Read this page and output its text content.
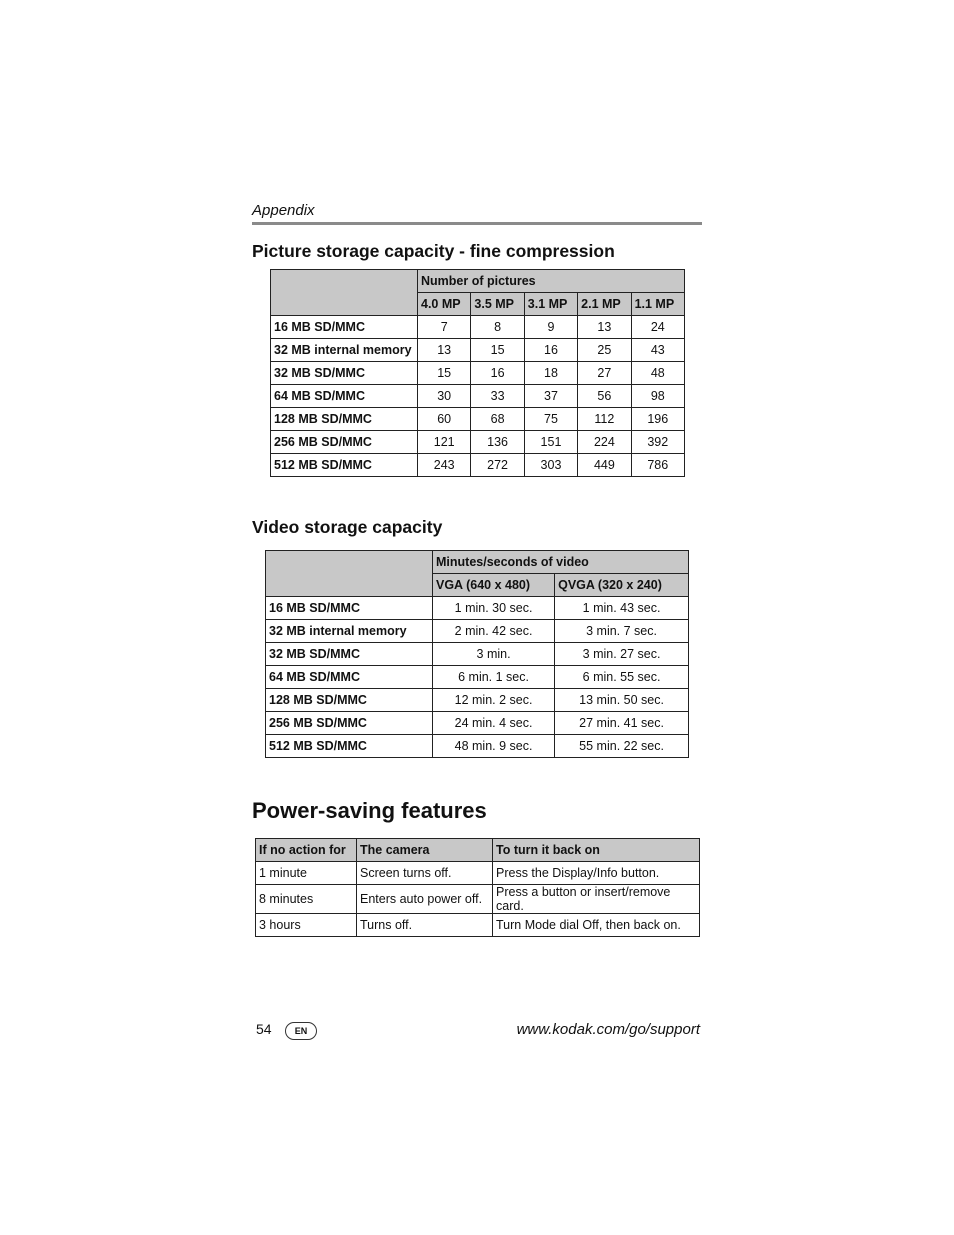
Appendix
Picture storage capacity - fine compression
	Number of pictures				
	4.0 MP	3.5 MP	3.1 MP	2.1 MP	1.1 MP
16 MB SD/MMC	7	8	9	13	24
32 MB internal memory	13	15	16	25	43
32 MB SD/MMC	15	16	18	27	48
64 MB SD/MMC	30	33	37	56	98
128 MB SD/MMC	60	68	75	112	196
256 MB SD/MMC	121	136	151	224	392
512 MB SD/MMC	243	272	303	449	786
Video storage capacity
	Minutes/seconds of video	
	VGA (640 x 480)	QVGA (320 x 240)
16 MB SD/MMC	1 min. 30 sec.	1 min. 43 sec.
32 MB internal memory	2 min. 42 sec.	3 min. 7 sec.
32 MB SD/MMC	3 min.	3 min. 27 sec.
64 MB SD/MMC	6 min. 1 sec.	6 min. 55 sec.
128 MB SD/MMC	12 min. 2 sec.	13 min. 50 sec.
256 MB SD/MMC	24 min. 4 sec.	27 min. 41 sec.
512 MB SD/MMC	48 min. 9 sec.	55 min. 22 sec.
Power-saving features
If no action for	The camera	To turn it back on
1 minute	Screen turns off.	Press the Display/Info button.
8 minutes	Enters auto power off.	Press a button or insert/remove card.
3 hours	Turns off.	Turn Mode dial Off, then back on.
54	EN	www.kodak.com/go/support
